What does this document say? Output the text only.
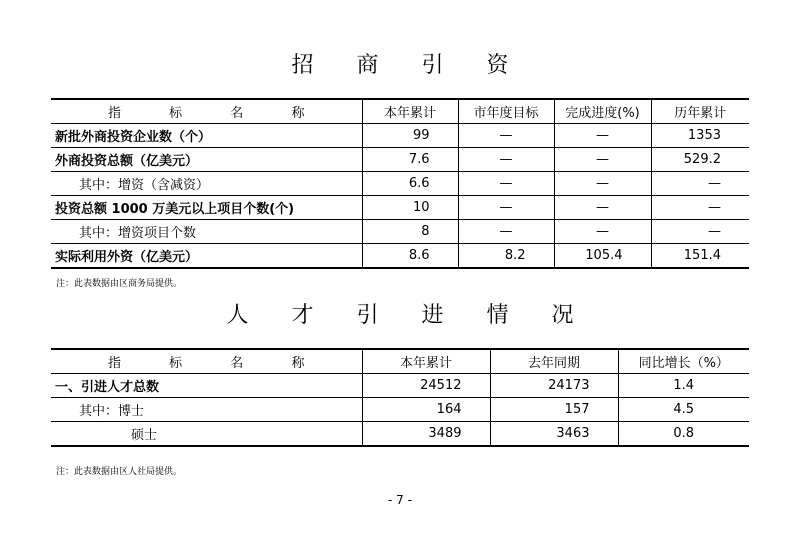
招 商 引 资
指 标 名 称	本年累计	市年度目标	完成进度(%)	历年累计
新批外商投资企业数（个）	99	—	—	1353
外商投资总额（亿美元）	7.6	—	—	529.2
其中：增资（含减资）	6.6	—	—	—
投资总额 1000 万美元以上项目个数(个)	10	—	—	—
其中：增资项目个数	8	—	—	—
实际利用外资（亿美元）	8.6	8.2	105.4	151.4
注：此表数据由区商务局提供。
人 才 引 进 情 况
指 标 名 称	本年累计	去年同期	同比增长（%）
一、引进人才总数	24512	24173	1.4
其中：博士	164	157	4.5
硕士	3489	3463	0.8
注：此表数据由区人社局提供。
- 7 -
